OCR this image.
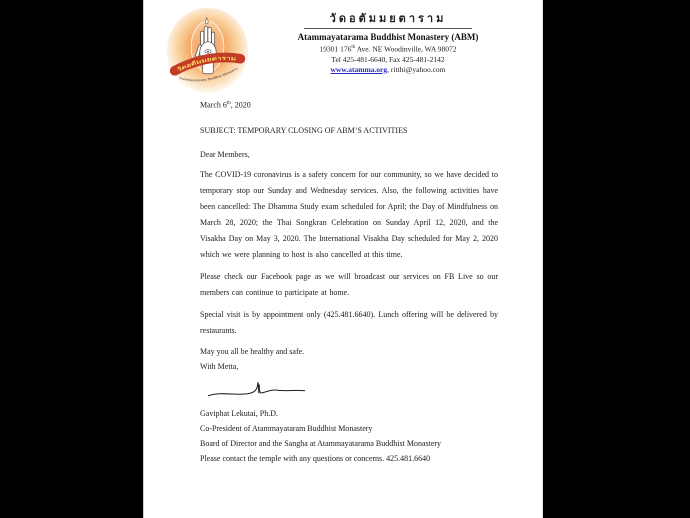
วัดอตัมมยตาราม
Atammayatarama Buddhist Monastery
วัดอตัมมยตาราม
Atammayatarama Buddhist Monastery (ABM)
19301 176th Ave. NE Woodinville, WA 98072
Tel 425-481-6640, Fax 425-481-2142
www.atamma.org, ritthi@yahoo.com
March 6th, 2020
SUBJECT: TEMPORARY CLOSING OF ABM’S ACTIVITIES
Dear Members,

The COVID-19 coronavirus is a safety concern for our community, so we have decided to temporary stop our Sunday and Wednesday services. Also, the following activities have been cancelled: The Dhamma Study exam scheduled for April; the Day of Mindfulness on March 28, 2020; the Thai Songkran Celebration on Sunday April 12, 2020, and the Visakha Day on May 3, 2020. The International Visakha Day scheduled for May 2, 2020 which we were planning to host is also cancelled at this time.

Please check our Facebook page as we will broadcast our services on FB Live so our members can continue to participate at home.

Special visit is by appointment only (425.481.6640). Lunch offering will be delivered by restaurants.

May you all be healthy and safe.
With Metta,
Gaviphat Lekutai, Ph.D.
Co-President of Atammayataram Buddhist Monastery
Board of Director and the Sangha at Atammayatarama Buddhist Monastery
Please contact the temple with any questions or concerns. 425.481.6640
